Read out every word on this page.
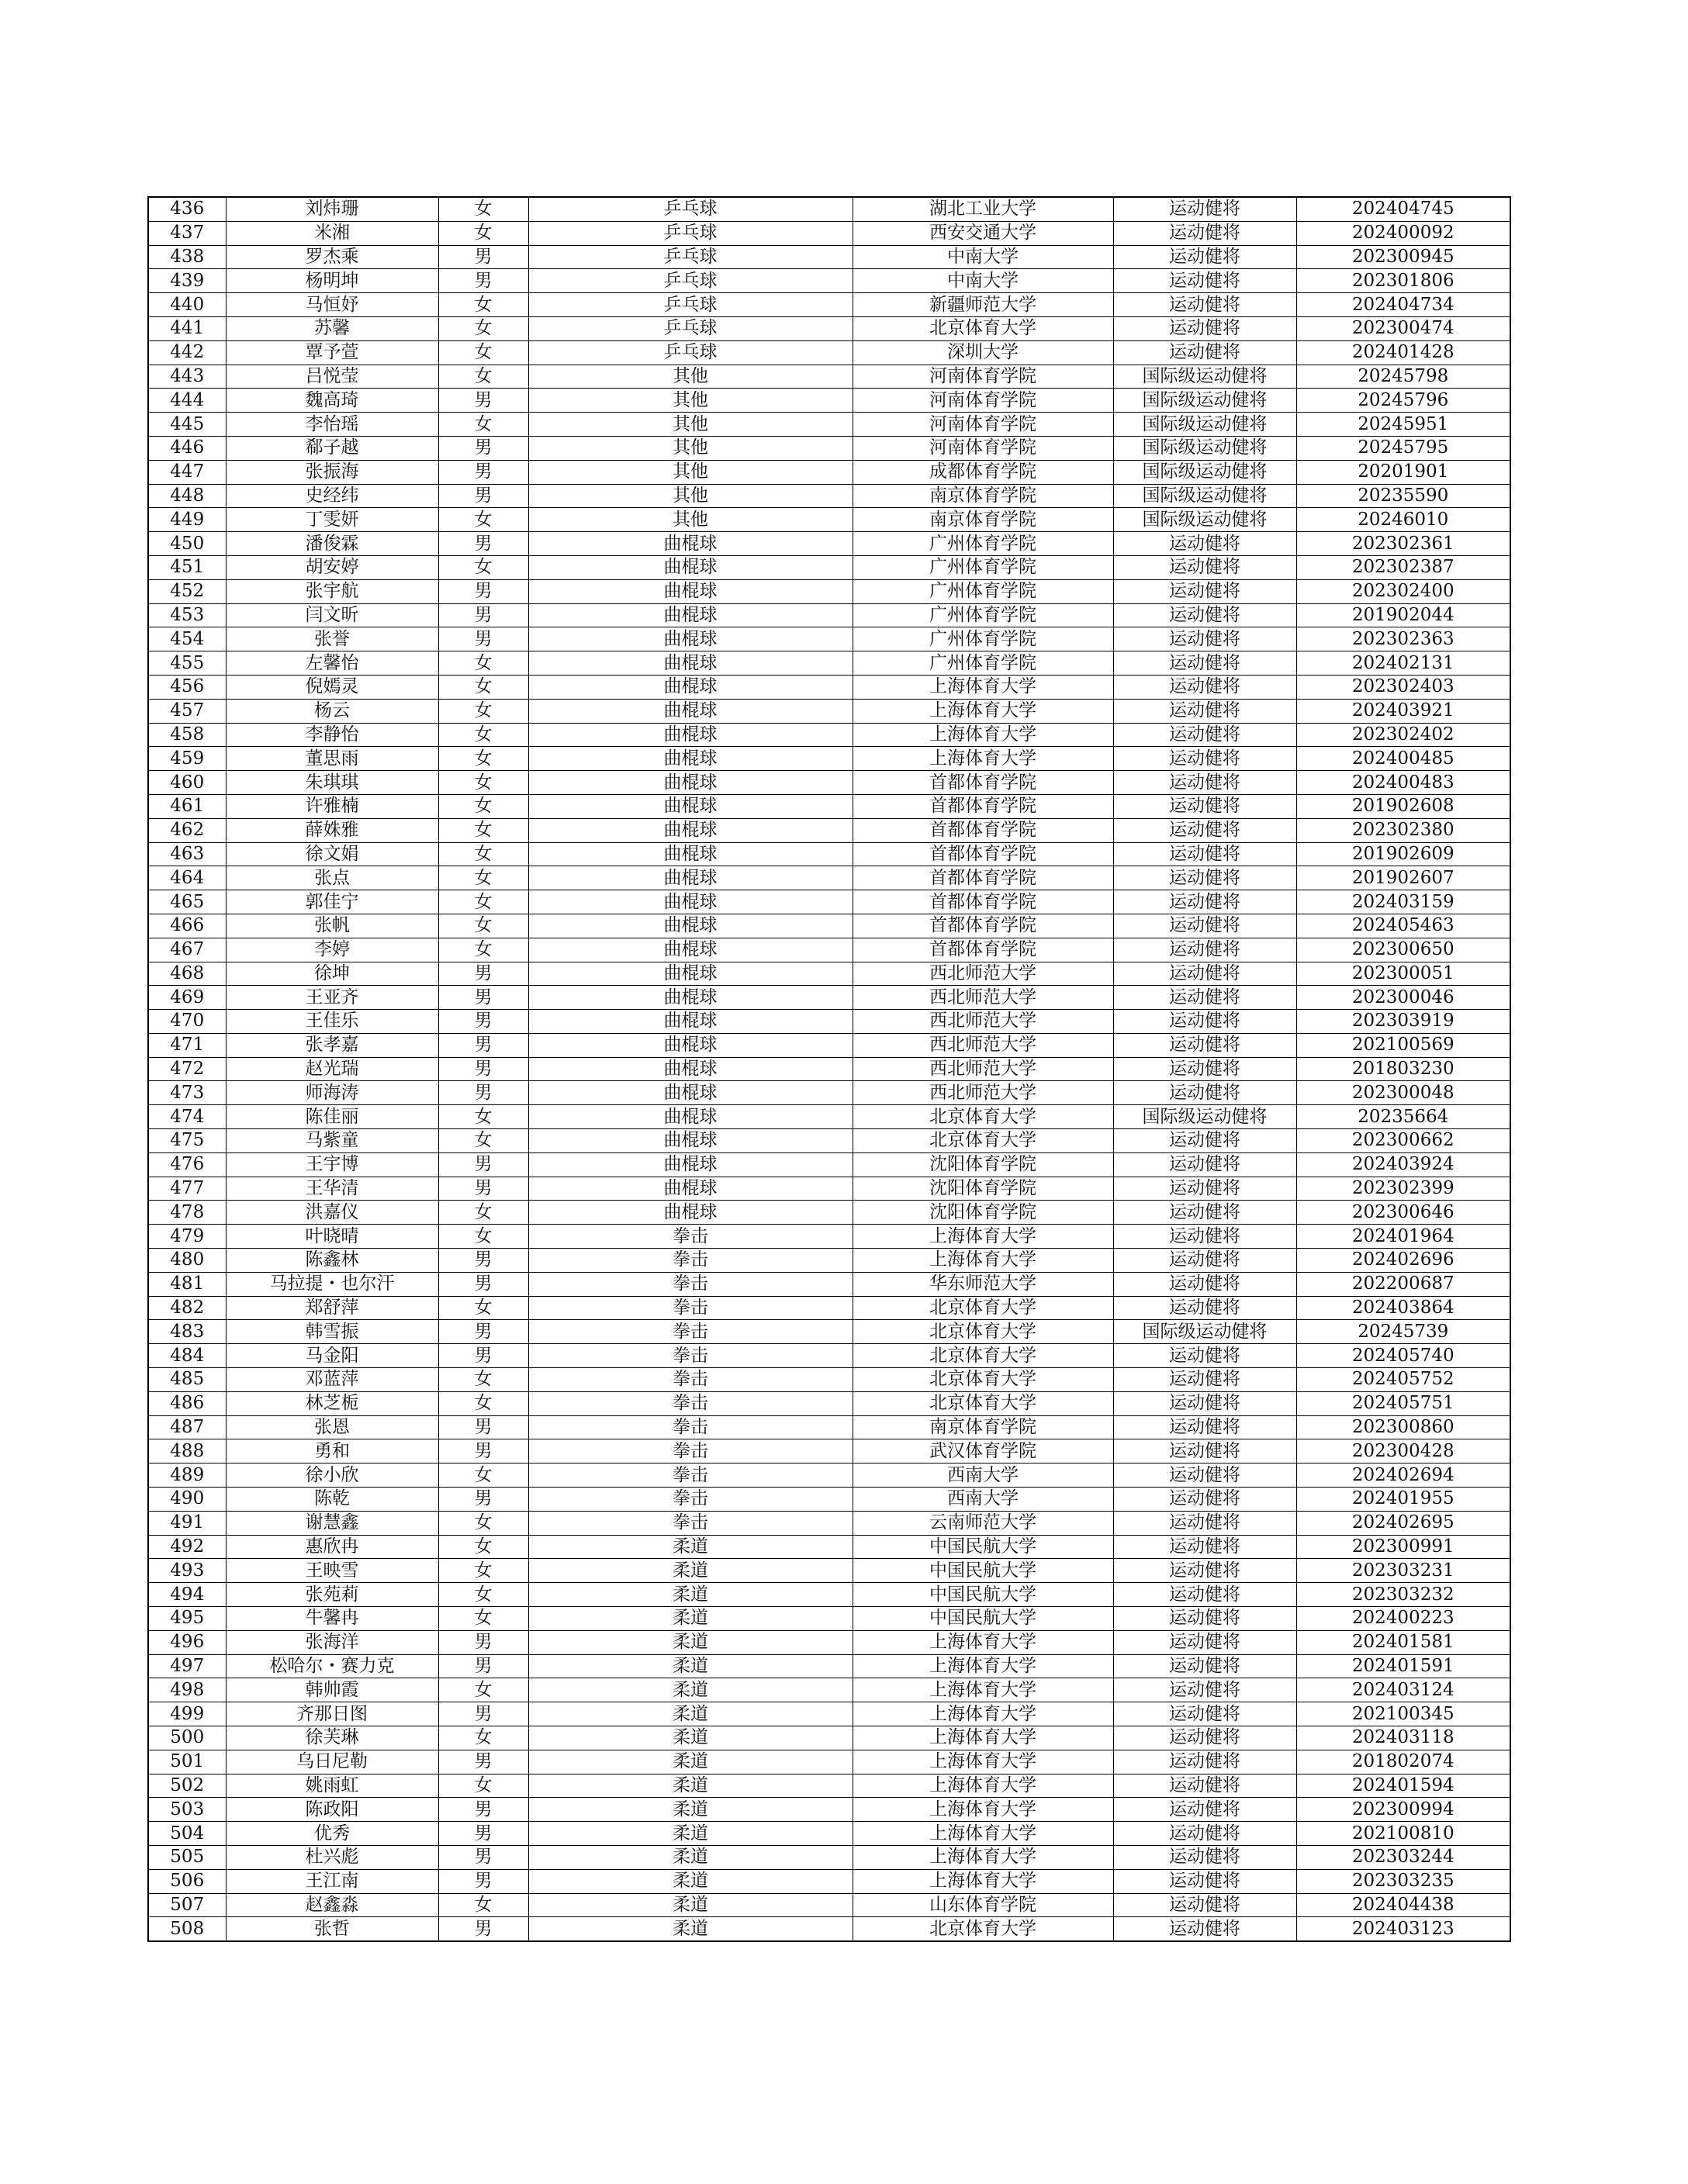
436	刘炜珊	女	乒乓球	湖北工业大学	运动健将	202404745
437	米湘	女	乒乓球	西安交通大学	运动健将	202400092
438	罗杰乘	男	乒乓球	中南大学	运动健将	202300945
439	杨明坤	男	乒乓球	中南大学	运动健将	202301806
440	马恒妤	女	乒乓球	新疆师范大学	运动健将	202404734
441	苏馨	女	乒乓球	北京体育大学	运动健将	202300474
442	覃予萱	女	乒乓球	深圳大学	运动健将	202401428
443	吕悦莹	女	其他	河南体育学院	国际级运动健将	20245798
444	魏高琦	男	其他	河南体育学院	国际级运动健将	20245796
445	李怡瑶	女	其他	河南体育学院	国际级运动健将	20245951
446	郗子越	男	其他	河南体育学院	国际级运动健将	20245795
447	张振海	男	其他	成都体育学院	国际级运动健将	20201901
448	史经纬	男	其他	南京体育学院	国际级运动健将	20235590
449	丁雯妍	女	其他	南京体育学院	国际级运动健将	20246010
450	潘俊霖	男	曲棍球	广州体育学院	运动健将	202302361
451	胡安婷	女	曲棍球	广州体育学院	运动健将	202302387
452	张宇航	男	曲棍球	广州体育学院	运动健将	202302400
453	闫文昕	男	曲棍球	广州体育学院	运动健将	201902044
454	张誉	男	曲棍球	广州体育学院	运动健将	202302363
455	左馨怡	女	曲棍球	广州体育学院	运动健将	202402131
456	倪嫣灵	女	曲棍球	上海体育大学	运动健将	202302403
457	杨云	女	曲棍球	上海体育大学	运动健将	202403921
458	李静怡	女	曲棍球	上海体育大学	运动健将	202302402
459	董思雨	女	曲棍球	上海体育大学	运动健将	202400485
460	朱琪琪	女	曲棍球	首都体育学院	运动健将	202400483
461	许雅楠	女	曲棍球	首都体育学院	运动健将	201902608
462	薛姝雅	女	曲棍球	首都体育学院	运动健将	202302380
463	徐文娟	女	曲棍球	首都体育学院	运动健将	201902609
464	张点	女	曲棍球	首都体育学院	运动健将	201902607
465	郭佳宁	女	曲棍球	首都体育学院	运动健将	202403159
466	张帆	女	曲棍球	首都体育学院	运动健将	202405463
467	李婷	女	曲棍球	首都体育学院	运动健将	202300650
468	徐坤	男	曲棍球	西北师范大学	运动健将	202300051
469	王亚齐	男	曲棍球	西北师范大学	运动健将	202300046
470	王佳乐	男	曲棍球	西北师范大学	运动健将	202303919
471	张孝嘉	男	曲棍球	西北师范大学	运动健将	202100569
472	赵光瑞	男	曲棍球	西北师范大学	运动健将	201803230
473	师海涛	男	曲棍球	西北师范大学	运动健将	202300048
474	陈佳丽	女	曲棍球	北京体育大学	国际级运动健将	20235664
475	马紫童	女	曲棍球	北京体育大学	运动健将	202300662
476	王宇博	男	曲棍球	沈阳体育学院	运动健将	202403924
477	王华清	男	曲棍球	沈阳体育学院	运动健将	202302399
478	洪嘉仪	女	曲棍球	沈阳体育学院	运动健将	202300646
479	叶晓晴	女	拳击	上海体育大学	运动健将	202401964
480	陈鑫林	男	拳击	上海体育大学	运动健将	202402696
481	马拉提・也尔汗	男	拳击	华东师范大学	运动健将	202200687
482	郑舒萍	女	拳击	北京体育大学	运动健将	202403864
483	韩雪振	男	拳击	北京体育大学	国际级运动健将	20245739
484	马金阳	男	拳击	北京体育大学	运动健将	202405740
485	邓蓝萍	女	拳击	北京体育大学	运动健将	202405752
486	林芝栀	女	拳击	北京体育大学	运动健将	202405751
487	张恩	男	拳击	南京体育学院	运动健将	202300860
488	勇和	男	拳击	武汉体育学院	运动健将	202300428
489	徐小欣	女	拳击	西南大学	运动健将	202402694
490	陈乾	男	拳击	西南大学	运动健将	202401955
491	谢慧鑫	女	拳击	云南师范大学	运动健将	202402695
492	惠欣冉	女	柔道	中国民航大学	运动健将	202300991
493	王映雪	女	柔道	中国民航大学	运动健将	202303231
494	张苑莉	女	柔道	中国民航大学	运动健将	202303232
495	牛馨冉	女	柔道	中国民航大学	运动健将	202400223
496	张海洋	男	柔道	上海体育大学	运动健将	202401581
497	松哈尔・赛力克	男	柔道	上海体育大学	运动健将	202401591
498	韩帅霞	女	柔道	上海体育大学	运动健将	202403124
499	齐那日图	男	柔道	上海体育大学	运动健将	202100345
500	徐芙琳	女	柔道	上海体育大学	运动健将	202403118
501	乌日尼勒	男	柔道	上海体育大学	运动健将	201802074
502	姚雨虹	女	柔道	上海体育大学	运动健将	202401594
503	陈政阳	男	柔道	上海体育大学	运动健将	202300994
504	优秀	男	柔道	上海体育大学	运动健将	202100810
505	杜兴彪	男	柔道	上海体育大学	运动健将	202303244
506	王江南	男	柔道	上海体育大学	运动健将	202303235
507	赵鑫淼	女	柔道	山东体育学院	运动健将	202404438
508	张哲	男	柔道	北京体育大学	运动健将	202403123
